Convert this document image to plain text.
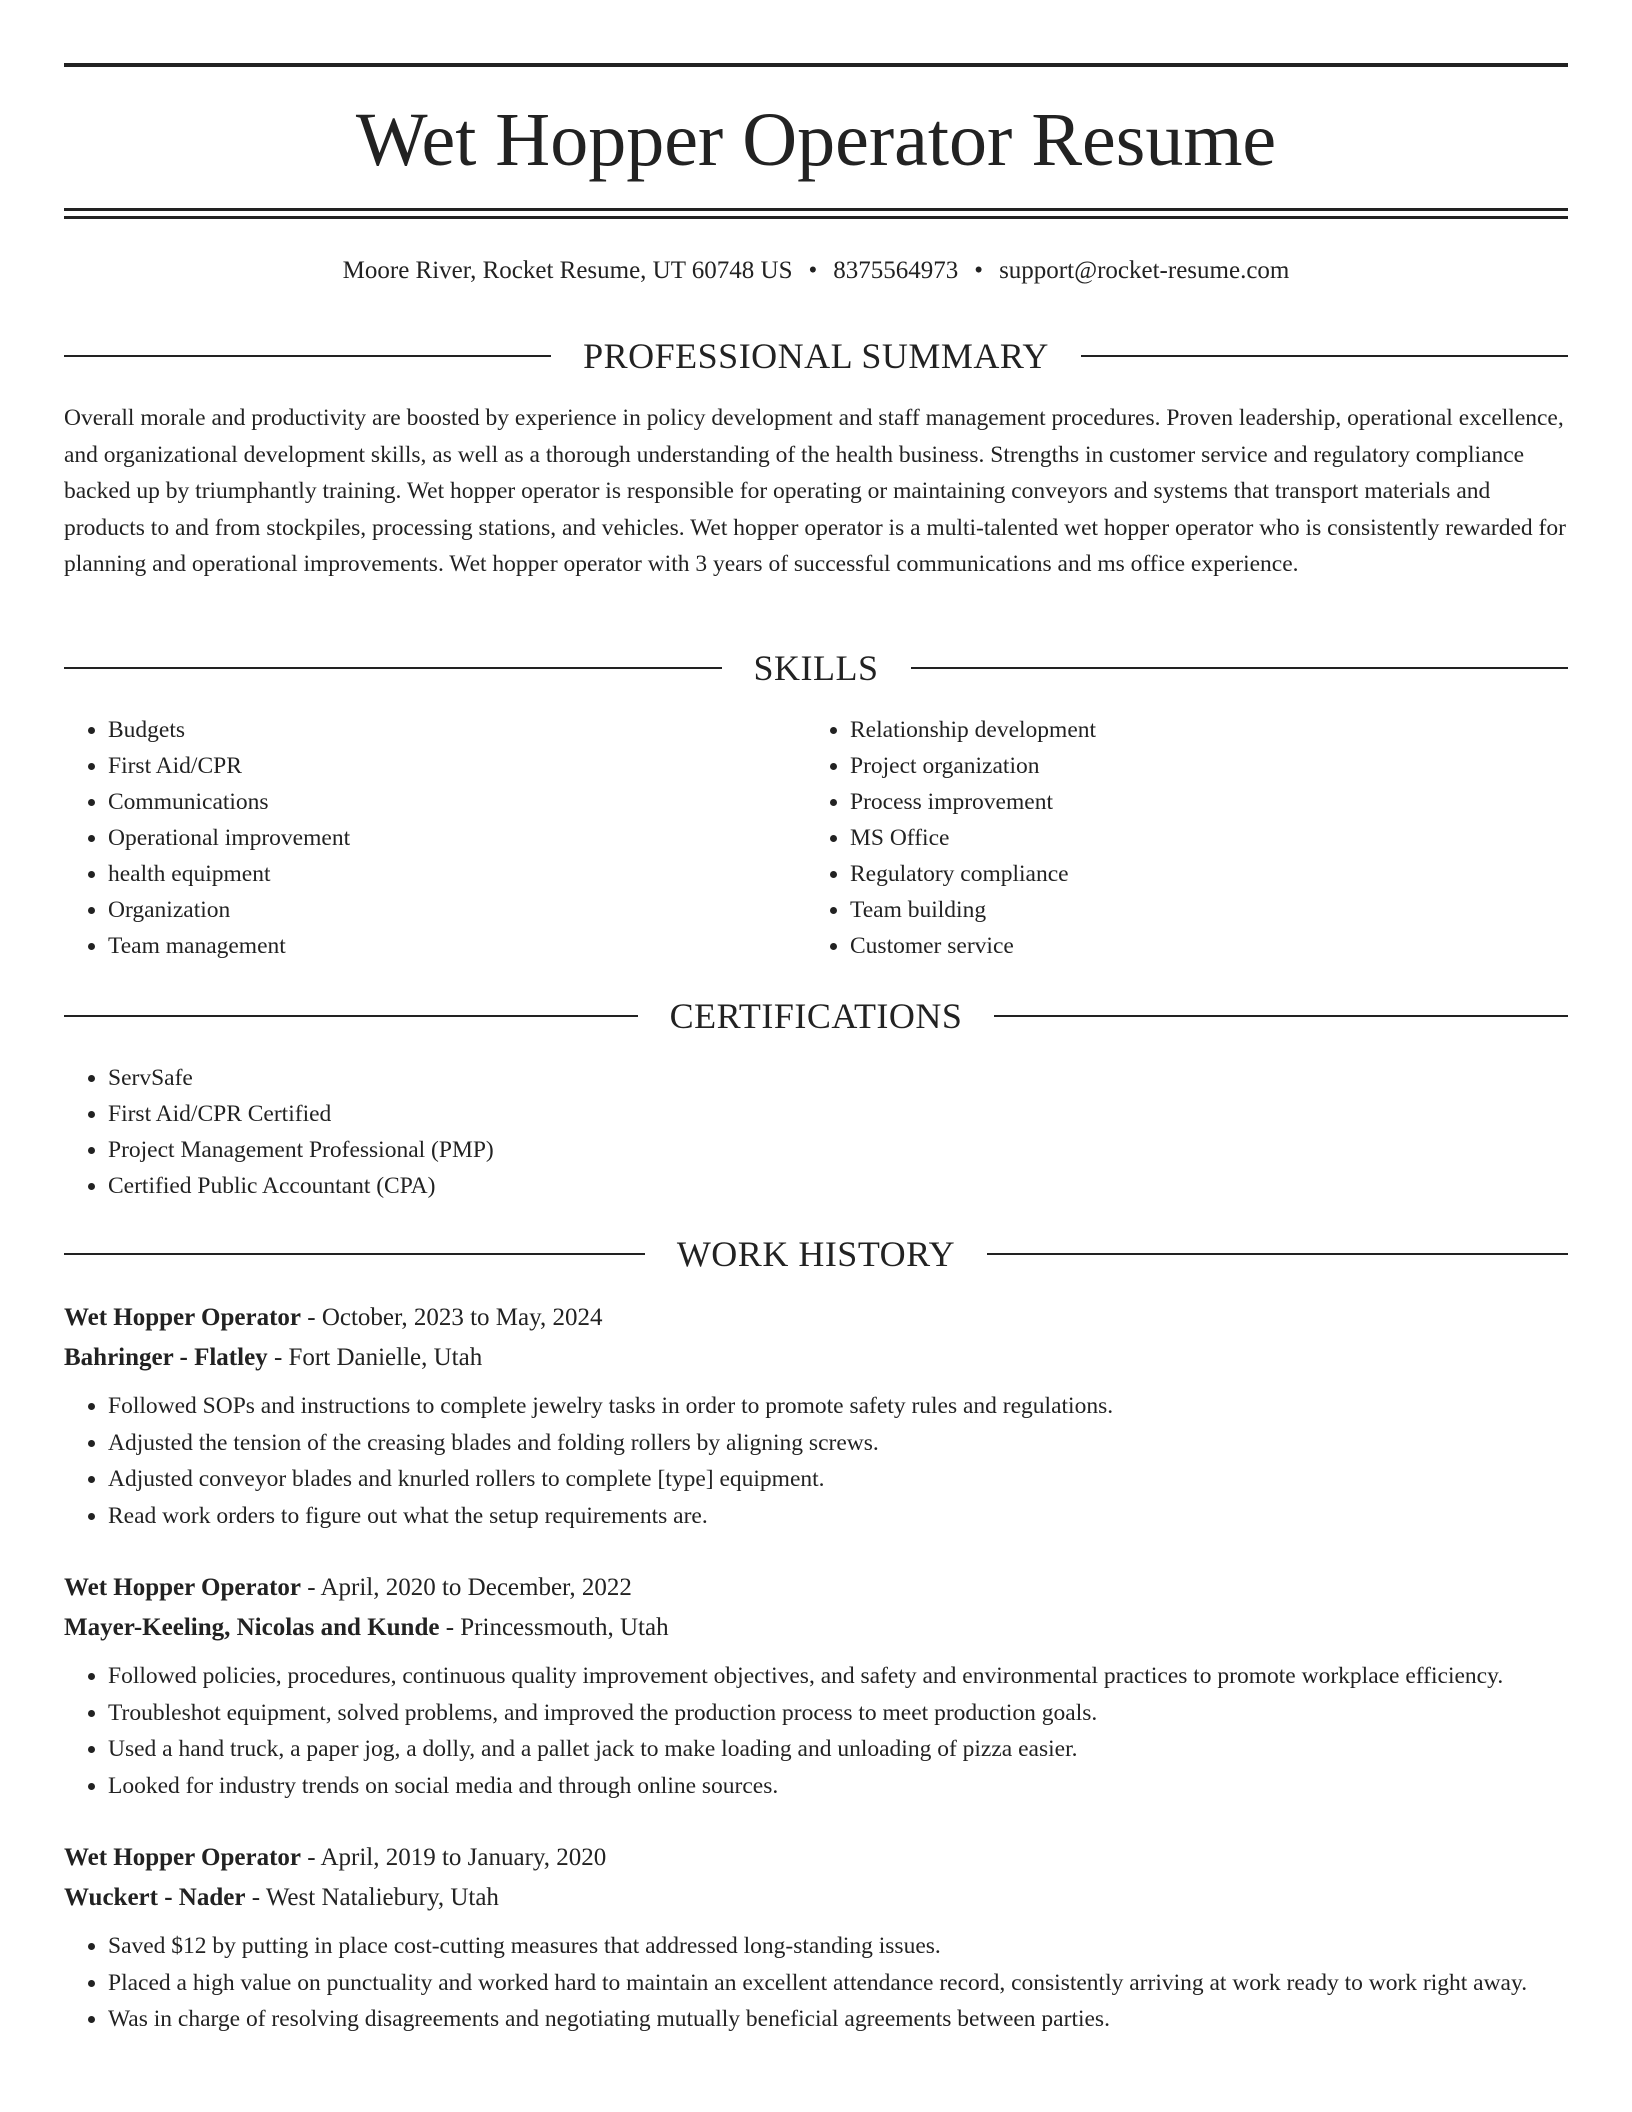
Wet Hopper Operator Resume
Moore River, Rocket Resume, UT 60748 US • 8375564973 • support@rocket-resume.com
PROFESSIONAL SUMMARY

Overall morale and productivity are boosted by experience in policy development and staff management procedures. Proven leadership, operational excellence, and organizational development skills, as well as a thorough understanding of the health business. Strengths in customer service and regulatory compliance backed up by triumphantly training. Wet hopper operator is responsible for operating or maintaining conveyors and systems that transport materials and products to and from stockpiles, processing stations, and vehicles. Wet hopper operator is a multi-talented wet hopper operator who is consistently rewarded for planning and operational improvements. Wet hopper operator with 3 years of successful communications and ms office experience.

SKILLS
• Budgets
• First Aid/CPR
• Communications
• Operational improvement
• health equipment
• Organization
• Team management
• Relationship development
• Project organization
• Process improvement
• MS Office
• Regulatory compliance
• Team building
• Customer service
CERTIFICATIONS
• ServSafe
• First Aid/CPR Certified
• Project Management Professional (PMP)
• Certified Public Accountant (CPA)
WORK HISTORY

Wet Hopper Operator - October, 2023 to May, 2024

Bahringer - Flatley - Fort Danielle, Utah

• Followed SOPs and instructions to complete jewelry tasks in order to promote safety rules and regulations.
• Adjusted the tension of the creasing blades and folding rollers by aligning screws.
• Adjusted conveyor blades and knurled rollers to complete [type] equipment.
• Read work orders to figure out what the setup requirements are.

Wet Hopper Operator - April, 2020 to December, 2022

Mayer-Keeling, Nicolas and Kunde - Princessmouth, Utah

• Followed policies, procedures, continuous quality improvement objectives, and safety and environmental practices to promote workplace efficiency.
• Troubleshot equipment, solved problems, and improved the production process to meet production goals.
• Used a hand truck, a paper jog, a dolly, and a pallet jack to make loading and unloading of pizza easier.
• Looked for industry trends on social media and through online sources.

Wet Hopper Operator - April, 2019 to January, 2020

Wuckert - Nader - West Nataliebury, Utah

• Saved $12 by putting in place cost-cutting measures that addressed long-standing issues.
• Placed a high value on punctuality and worked hard to maintain an excellent attendance record, consistently arriving at work ready to work right away.
• Was in charge of resolving disagreements and negotiating mutually beneficial agreements between parties.
